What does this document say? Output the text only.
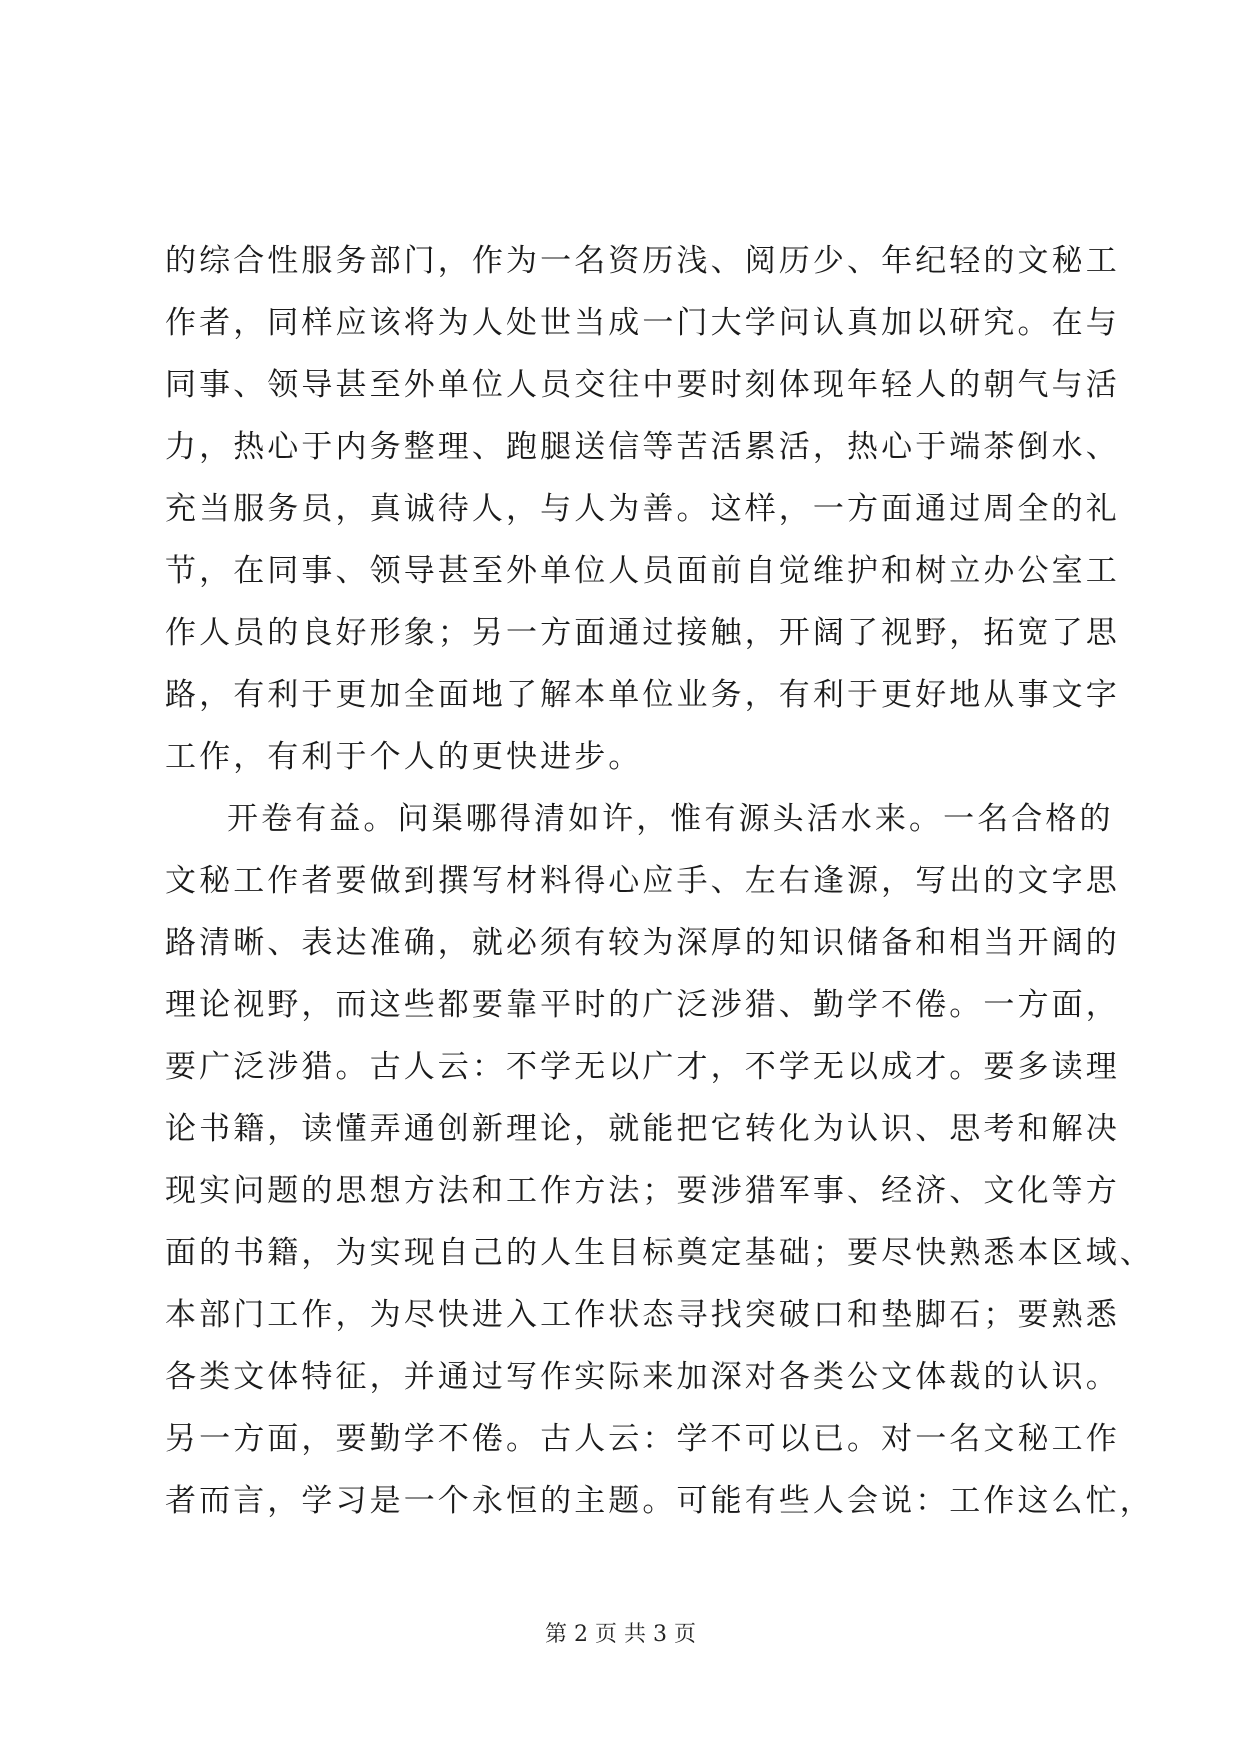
的综合性服务部门，作为一名资历浅、阅历少、年纪轻的文秘工
作者，同样应该将为人处世当成一门大学问认真加以研究。在与
同事、领导甚至外单位人员交往中要时刻体现年轻人的朝气与活
力，热心于内务整理、跑腿送信等苦活累活，热心于端茶倒水、
充当服务员，真诚待人，与人为善。这样，一方面通过周全的礼
节，在同事、领导甚至外单位人员面前自觉维护和树立办公室工
作人员的良好形象；另一方面通过接触，开阔了视野，拓宽了思
路，有利于更加全面地了解本单位业务，有利于更好地从事文字
工作，有利于个人的更快进步。
开卷有益。问渠哪得清如许，惟有源头活水来。一名合格的
文秘工作者要做到撰写材料得心应手、左右逢源，写出的文字思
路清晰、表达准确，就必须有较为深厚的知识储备和相当开阔的
理论视野，而这些都要靠平时的广泛涉猎、勤学不倦。一方面，
要广泛涉猎。古人云：不学无以广才，不学无以成才。要多读理
论书籍，读懂弄通创新理论，就能把它转化为认识、思考和解决
现实问题的思想方法和工作方法；要涉猎军事、经济、文化等方
面的书籍，为实现自己的人生目标奠定基础；要尽快熟悉本区域、
本部门工作，为尽快进入工作状态寻找突破口和垫脚石；要熟悉
各类文体特征，并通过写作实际来加深对各类公文体裁的认识。
另一方面，要勤学不倦。古人云：学不可以已。对一名文秘工作
者而言，学习是一个永恒的主题。可能有些人会说：工作这么忙，
第 2 页 共 3 页
